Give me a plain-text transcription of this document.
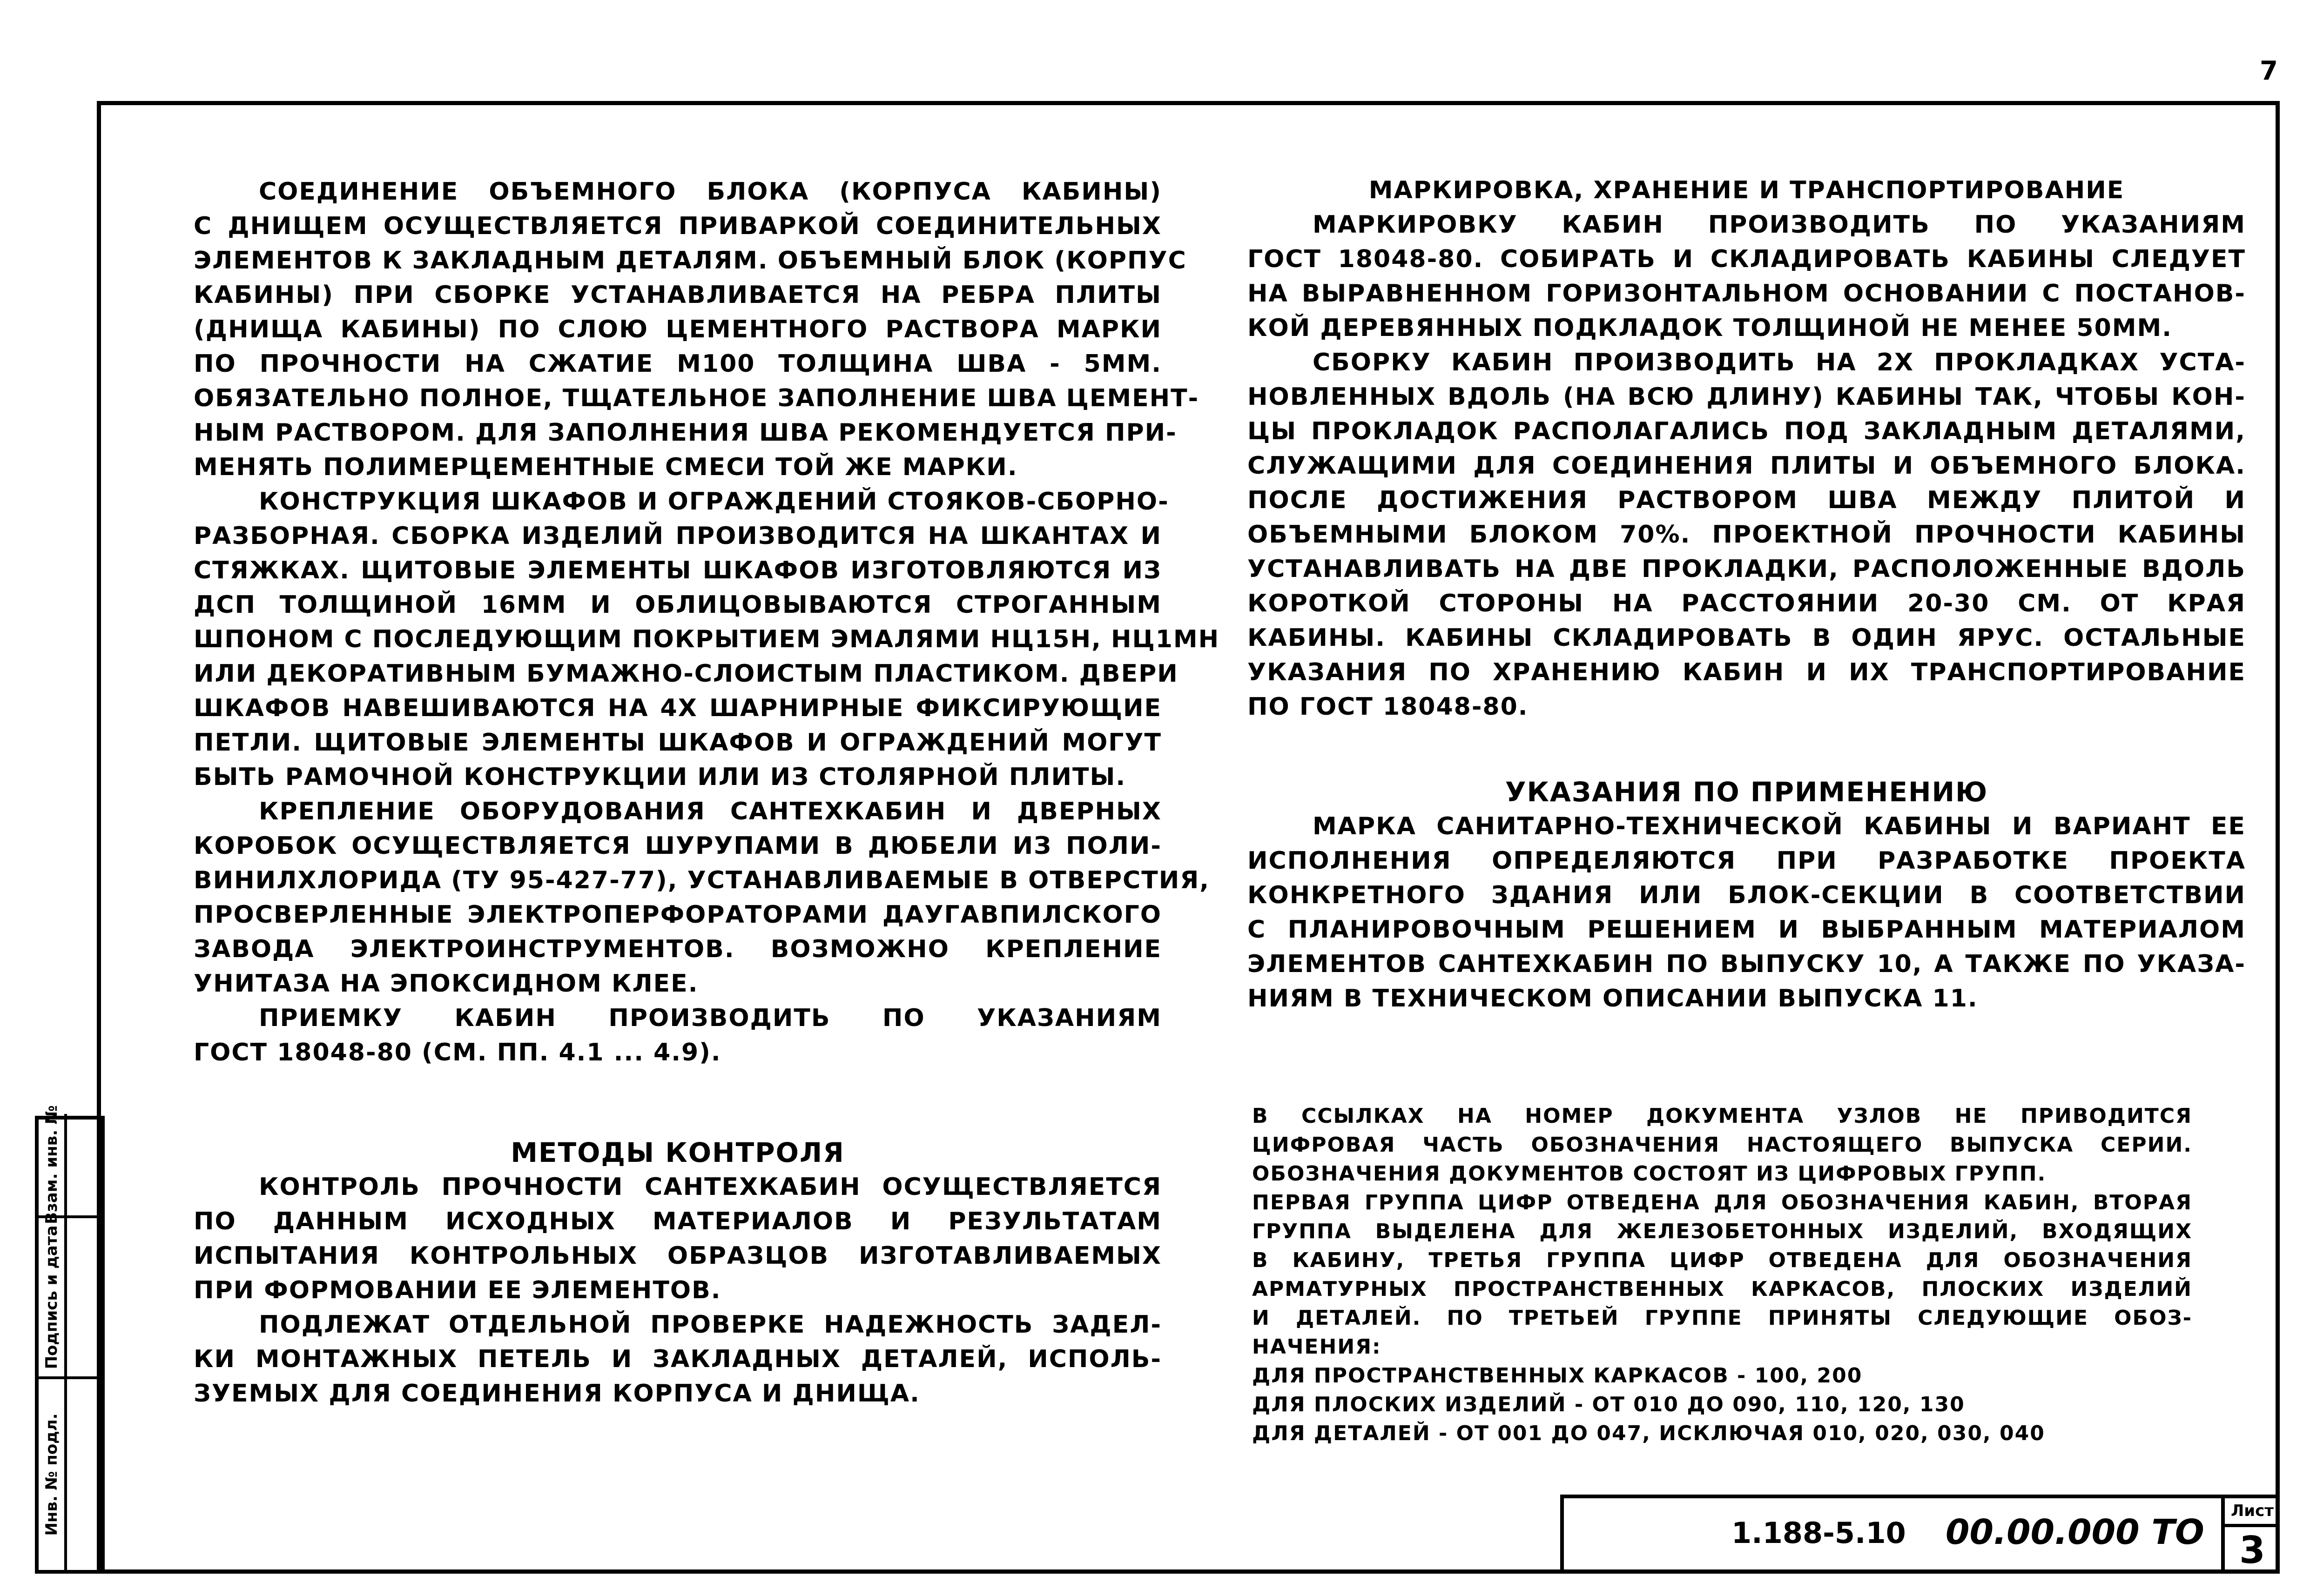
7
СОЕДИНЕНИЕ ОБЪЕМНОГО БЛОКА (КОРПУСА КАБИНЫ)
С ДНИЩЕМ ОСУЩЕСТВЛЯЕТСЯ ПРИВАРКОЙ СОЕДИНИТЕЛЬНЫХ
ЭЛЕМЕНТОВ К ЗАКЛАДНЫМ ДЕТАЛЯМ. ОБЪЕМНЫЙ БЛОК (КОРПУС
КАБИНЫ) ПРИ СБОРКЕ УСТАНАВЛИВАЕТСЯ НА РЕБРА ПЛИТЫ
(ДНИЩА КАБИНЫ) ПО СЛОЮ ЦЕМЕНТНОГО РАСТВОРА МАРКИ
ПО ПРОЧНОСТИ НА СЖАТИЕ М100 ТОЛЩИНА ШВА - 5ММ.
ОБЯЗАТЕЛЬНО ПОЛНОЕ, ТЩАТЕЛЬНОЕ ЗАПОЛНЕНИЕ ШВА ЦЕМЕНТ-
НЫМ РАСТВОРОМ. ДЛЯ ЗАПОЛНЕНИЯ ШВА РЕКОМЕНДУЕТСЯ ПРИ-
МЕНЯТЬ ПОЛИМЕРЦЕМЕНТНЫЕ СМЕСИ ТОЙ ЖЕ МАРКИ.
КОНСТРУКЦИЯ ШКАФОВ И ОГРАЖДЕНИЙ СТОЯКОВ-СБОРНО-
РАЗБОРНАЯ. СБОРКА ИЗДЕЛИЙ ПРОИЗВОДИТСЯ НА ШКАНТАХ И
СТЯЖКАХ. ЩИТОВЫЕ ЭЛЕМЕНТЫ ШКАФОВ ИЗГОТОВЛЯЮТСЯ ИЗ
ДСП ТОЛЩИНОЙ 16ММ И ОБЛИЦОВЫВАЮТСЯ СТРОГАННЫМ
ШПОНОМ С ПОСЛЕДУЮЩИМ ПОКРЫТИЕМ ЭМАЛЯМИ НЦ15Н, НЦ1МН
ИЛИ ДЕКОРАТИВНЫМ БУМАЖНО-СЛОИСТЫМ ПЛАСТИКОМ. ДВЕРИ
ШКАФОВ НАВЕШИВАЮТСЯ НА 4Х ШАРНИРНЫЕ ФИКСИРУЮЩИЕ
ПЕТЛИ. ЩИТОВЫЕ ЭЛЕМЕНТЫ ШКАФОВ И ОГРАЖДЕНИЙ МОГУТ
БЫТЬ РАМОЧНОЙ КОНСТРУКЦИИ ИЛИ ИЗ СТОЛЯРНОЙ ПЛИТЫ.
КРЕПЛЕНИЕ ОБОРУДОВАНИЯ САНТЕХКАБИН И ДВЕРНЫХ
КОРОБОК ОСУЩЕСТВЛЯЕТСЯ ШУРУПАМИ В ДЮБЕЛИ ИЗ ПОЛИ-
ВИНИЛХЛОРИДА (ТУ 95-427-77), УСТАНАВЛИВАЕМЫЕ В ОТВЕРСТИЯ,
ПРОСВЕРЛЕННЫЕ ЭЛЕКТРОПЕРФОРАТОРАМИ ДАУГАВПИЛСКОГО
ЗАВОДА ЭЛЕКТРОИНСТРУМЕНТОВ. ВОЗМОЖНО КРЕПЛЕНИЕ
УНИТАЗА НА ЭПОКСИДНОМ КЛЕЕ.
ПРИЕМКУ КАБИН ПРОИЗВОДИТЬ ПО УКАЗАНИЯМ
ГОСТ 18048-80 (СМ. ПП. 4.1 ... 4.9).
МЕТОДЫ КОНТРОЛЯ
КОНТРОЛЬ ПРОЧНОСТИ САНТЕХКАБИН ОСУЩЕСТВЛЯЕТСЯ
ПО ДАННЫМ ИСХОДНЫХ МАТЕРИАЛОВ И РЕЗУЛЬТАТАМ
ИСПЫТАНИЯ КОНТРОЛЬНЫХ ОБРАЗЦОВ ИЗГОТАВЛИВАЕМЫХ
ПРИ ФОРМОВАНИИ ЕЕ ЭЛЕМЕНТОВ.
ПОДЛЕЖАТ ОТДЕЛЬНОЙ ПРОВЕРКЕ НАДЕЖНОСТЬ ЗАДЕЛ-
КИ МОНТАЖНЫХ ПЕТЕЛЬ И ЗАКЛАДНЫХ ДЕТАЛЕЙ, ИСПОЛЬ-
ЗУЕМЫХ ДЛЯ СОЕДИНЕНИЯ КОРПУСА И ДНИЩА.
МАРКИРОВКА, ХРАНЕНИЕ И ТРАНСПОРТИРОВАНИЕ
МАРКИРОВКУ КАБИН ПРОИЗВОДИТЬ ПО УКАЗАНИЯМ
ГОСТ 18048-80. СОБИРАТЬ И СКЛАДИРОВАТЬ КАБИНЫ СЛЕДУЕТ
НА ВЫРАВНЕННОМ ГОРИЗОНТАЛЬНОМ ОСНОВАНИИ С ПОСТАНОВ-
КОЙ ДЕРЕВЯННЫХ ПОДКЛАДОК ТОЛЩИНОЙ НЕ МЕНЕЕ 50ММ.
СБОРКУ КАБИН ПРОИЗВОДИТЬ НА 2Х ПРОКЛАДКАХ УСТА-
НОВЛЕННЫХ ВДОЛЬ (НА ВСЮ ДЛИНУ) КАБИНЫ ТАК, ЧТОБЫ КОН-
ЦЫ ПРОКЛАДОК РАСПОЛАГАЛИСЬ ПОД ЗАКЛАДНЫМ ДЕТАЛЯМИ,
СЛУЖАЩИМИ ДЛЯ СОЕДИНЕНИЯ ПЛИТЫ И ОБЪЕМНОГО БЛОКА.
ПОСЛЕ ДОСТИЖЕНИЯ РАСТВОРОМ ШВА МЕЖДУ ПЛИТОЙ И
ОБЪЕМНЫМИ БЛОКОМ 70%. ПРОЕКТНОЙ ПРОЧНОСТИ КАБИНЫ
УСТАНАВЛИВАТЬ НА ДВЕ ПРОКЛАДКИ, РАСПОЛОЖЕННЫЕ ВДОЛЬ
КОРОТКОЙ СТОРОНЫ НА РАССТОЯНИИ 20-30 СМ. ОТ КРАЯ
КАБИНЫ. КАБИНЫ СКЛАДИРОВАТЬ В ОДИН ЯРУС. ОСТАЛЬНЫЕ
УКАЗАНИЯ ПО ХРАНЕНИЮ КАБИН И ИХ ТРАНСПОРТИРОВАНИЕ
ПО ГОСТ 18048-80.
УКАЗАНИЯ ПО ПРИМЕНЕНИЮ
МАРКА САНИТАРНО-ТЕХНИЧЕСКОЙ КАБИНЫ И ВАРИАНТ ЕЕ
ИСПОЛНЕНИЯ ОПРЕДЕЛЯЮТСЯ ПРИ РАЗРАБОТКЕ ПРОЕКТА
КОНКРЕТНОГО ЗДАНИЯ ИЛИ БЛОК-СЕКЦИИ В СООТВЕТСТВИИ
С ПЛАНИРОВОЧНЫМ РЕШЕНИЕМ И ВЫБРАННЫМ МАТЕРИАЛОМ
ЭЛЕМЕНТОВ САНТЕХКАБИН ПО ВЫПУСКУ 10, А ТАКЖЕ ПО УКАЗА-
НИЯМ В ТЕХНИЧЕСКОМ ОПИСАНИИ ВЫПУСКА 11.
В ССЫЛКАХ НА НОМЕР ДОКУМЕНТА УЗЛОВ НЕ ПРИВОДИТСЯ
ЦИФРОВАЯ ЧАСТЬ ОБОЗНАЧЕНИЯ НАСТОЯЩЕГО ВЫПУСКА СЕРИИ.
ОБОЗНАЧЕНИЯ ДОКУМЕНТОВ СОСТОЯТ ИЗ ЦИФРОВЫХ ГРУПП.
ПЕРВАЯ ГРУППА ЦИФР ОТВЕДЕНА ДЛЯ ОБОЗНАЧЕНИЯ КАБИН, ВТОРАЯ
ГРУППА ВЫДЕЛЕНА ДЛЯ ЖЕЛЕЗОБЕТОННЫХ ИЗДЕЛИЙ, ВХОДЯЩИХ
В КАБИНУ, ТРЕТЬЯ ГРУППА ЦИФР ОТВЕДЕНА ДЛЯ ОБОЗНАЧЕНИЯ
АРМАТУРНЫХ ПРОСТРАНСТВЕННЫХ КАРКАСОВ, ПЛОСКИХ ИЗДЕЛИЙ
И ДЕТАЛЕЙ. ПО ТРЕТЬЕЙ ГРУППЕ ПРИНЯТЫ СЛЕДУЮЩИЕ ОБОЗ-
НАЧЕНИЯ:
ДЛЯ ПРОСТРАНСТВЕННЫХ КАРКАСОВ - 100, 200
ДЛЯ ПЛОСКИХ ИЗДЕЛИЙ - ОТ 010 ДО 090, 110, 120, 130
ДЛЯ ДЕТАЛЕЙ - ОТ 001 ДО 047, ИСКЛЮЧАЯ 010, 020, 030, 040
Инв. № подл.
Подпись и дата
Взам. инв. №
1.188-5.10 00.00.000 ТО
Лист
3
